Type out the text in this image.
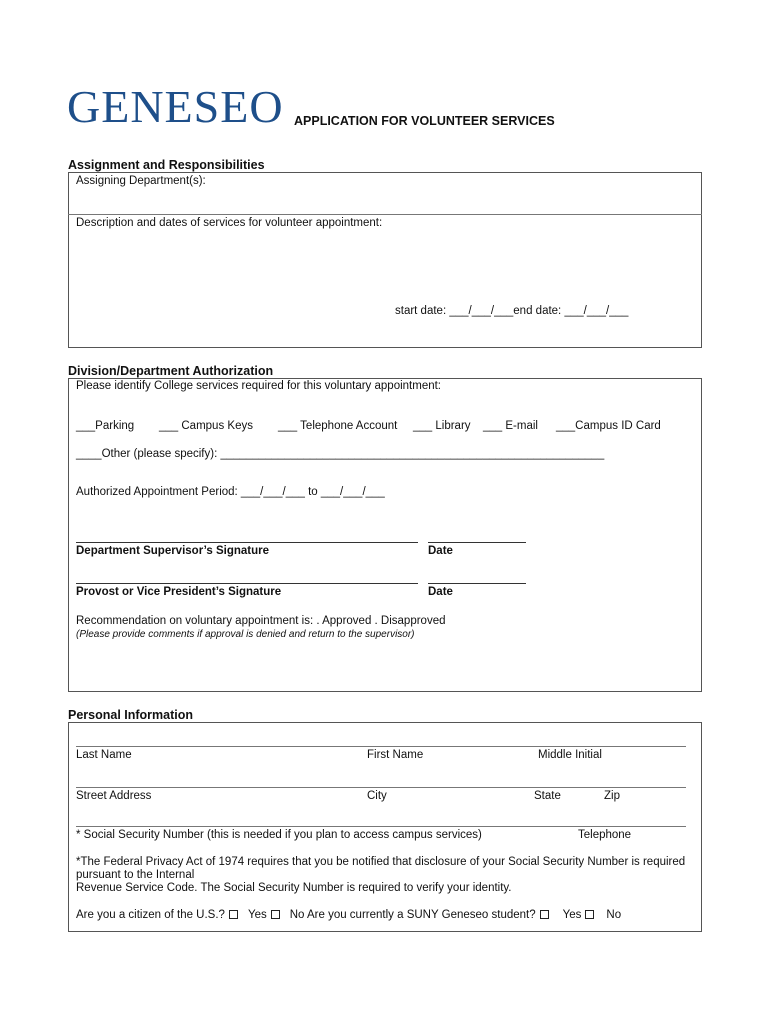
GENESEO APPLICATION FOR VOLUNTEER SERVICES
Assignment and Responsibilities
Assigning Department(s):
Description and dates of services for volunteer appointment:
start date: ___/___/___end date: ___/___/___
Division/Department Authorization
Please identify College services required for this voluntary appointment:
___Parking ___ Campus Keys ___ Telephone Account ___ Library ___ E-mail ___Campus ID Card
____Other (please specify): ____________________________________________________________
Authorized Appointment Period: ___/___/___ to ___/___/___
Department Supervisor’s Signature	Date
Provost or Vice President’s Signature	Date
Recommendation on voluntary appointment is: . Approved . Disapproved
(Please provide comments if approval is denied and return to the supervisor)
Personal Information
Last Name	First Name	Middle Initial
Street Address	City	State	Zip
* Social Security Number (this is needed if you plan to access campus services)	Telephone
*The Federal Privacy Act of 1974 requires that you be notified that disclosure of your Social Security Number is required
pursuant to the Internal
Revenue Service Code. The Social Security Number is required to verify your identity.
Are you a citizen of the U.S.? Yes No Are you currently a SUNY Geneseo student? Yes No
